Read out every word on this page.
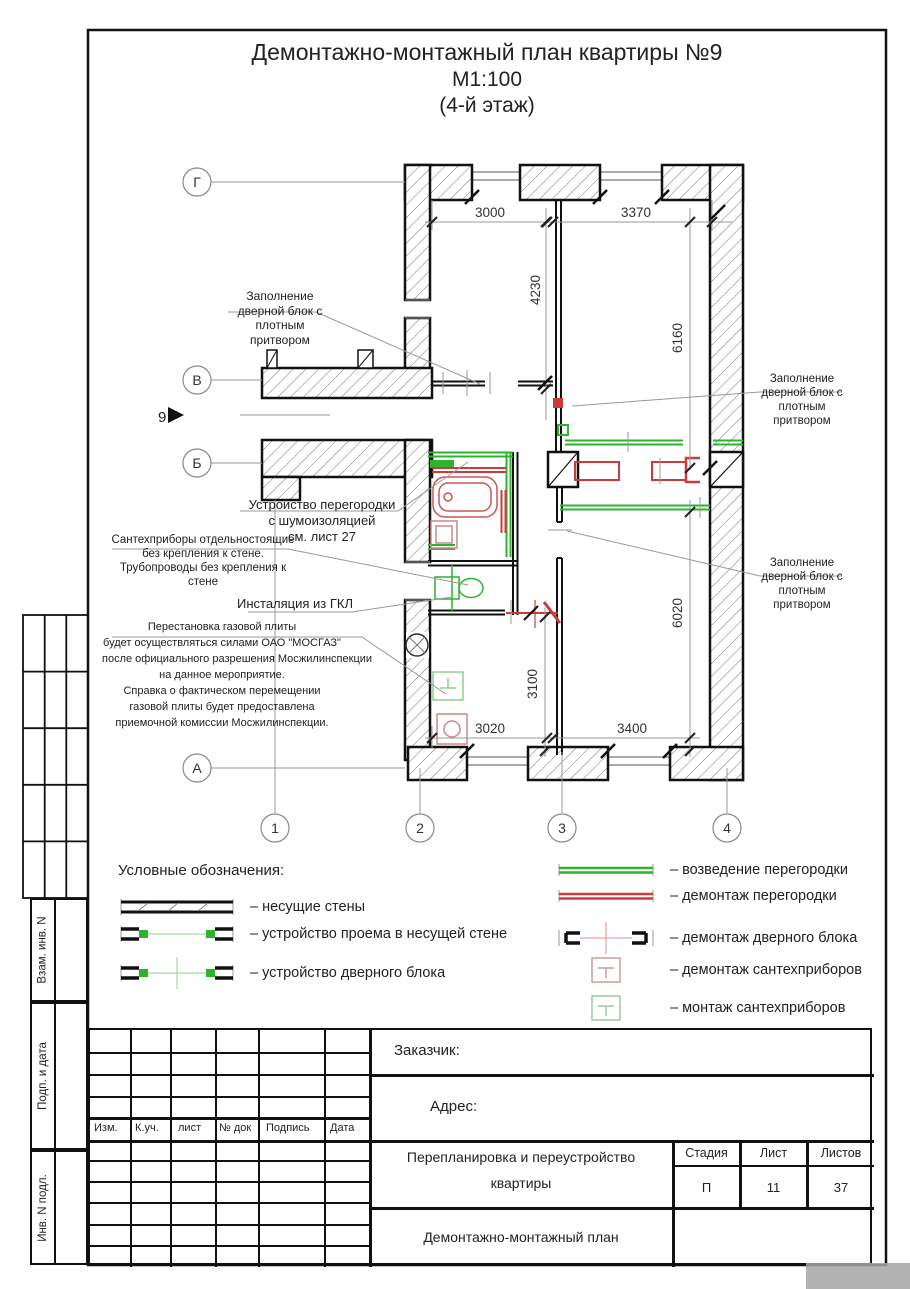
Г
В
Б
А
1	2	3	4
9
3000	3370
3020	3400
4230
6160
6020
3100
Демонтажно-монтажный план квартиры №9
М1:100
(4-й этаж)
Заполнение
дверной блок с
плотным
притвором
Устройство перегородки
с шумоизоляцией
см. лист 27
Сантехприборы отдельностоящие
без крепления к стене.
Трубопроводы без крепления к
стене
Инсталяция из ГКЛ
Перестановка газовой плиты
будет осуществляться силами ОАО "МОСГАЗ"
после официального разрешения Мосжилинспекции
на данное мероприятие.
Справка о фактическом перемещении
газовой плиты будет предоставлена
приемочной комиссии Мосжилинспекции.
Заполнение
дверной блок с
плотным
притвором
Заполнение
дверной блок с
плотным
притвором
Условные обозначения:
– несущие стены
– устройство проема в несущей стене
– устройство дверного блока
– возведение перегородки
– демонтаж перегородки
– демонтаж дверного блока
– демонтаж сантехприборов
– монтаж сантехприборов
Изм. К.уч. лист № док Подпись Дата
Заказчик:
Адрес:
Перепланировка и переустройство
квартиры
Стадия	Лист	Листов
П	11	37
Демонтажно-монтажный план
Взам. инв. N
Подп. и дата
Инв. N подл.
